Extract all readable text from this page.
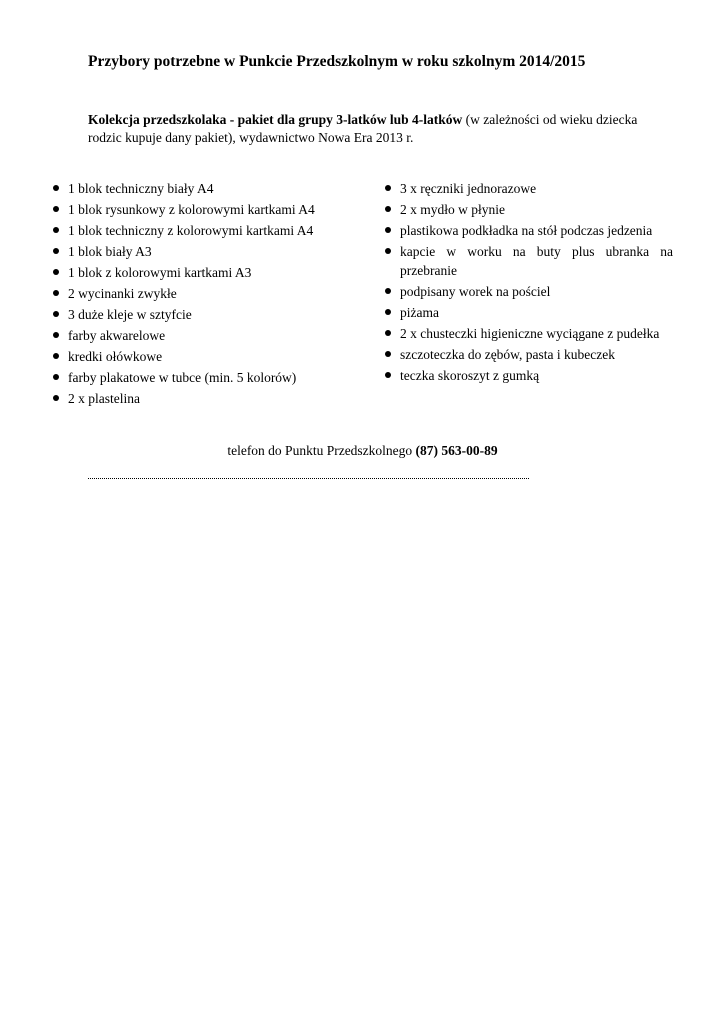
Przybory potrzebne w Punkcie Przedszkolnym w roku szkolnym 2014/2015
Kolekcja przedszkolaka - pakiet dla grupy 3-latków lub 4-latków (w zależności od wieku dziecka rodzic kupuje dany pakiet), wydawnictwo Nowa Era 2013 r.
1 blok techniczny biały A4
1 blok rysunkowy z kolorowymi kartkami A4
1 blok techniczny z kolorowymi kartkami A4
1 blok biały A3
1 blok z kolorowymi kartkami A3
2 wycinanki zwykłe
3 duże kleje w sztyfcie
farby akwarelowe
kredki ołówkowe
farby plakatowe w tubce (min. 5 kolorów)
2 x plastelina
3 x ręczniki jednorazowe
2 x mydło w płynie
plastikowa podkładka na stół podczas jedzenia
kapcie w worku na buty plus ubranka na przebranie
podpisany worek na pościel
piżama
2 x chusteczki higieniczne wyciągane z pudełka
szczoteczka do zębów, pasta i kubeczek
teczka skoroszyt z gumką
telefon do Punktu Przedszkolnego (87) 563-00-89
